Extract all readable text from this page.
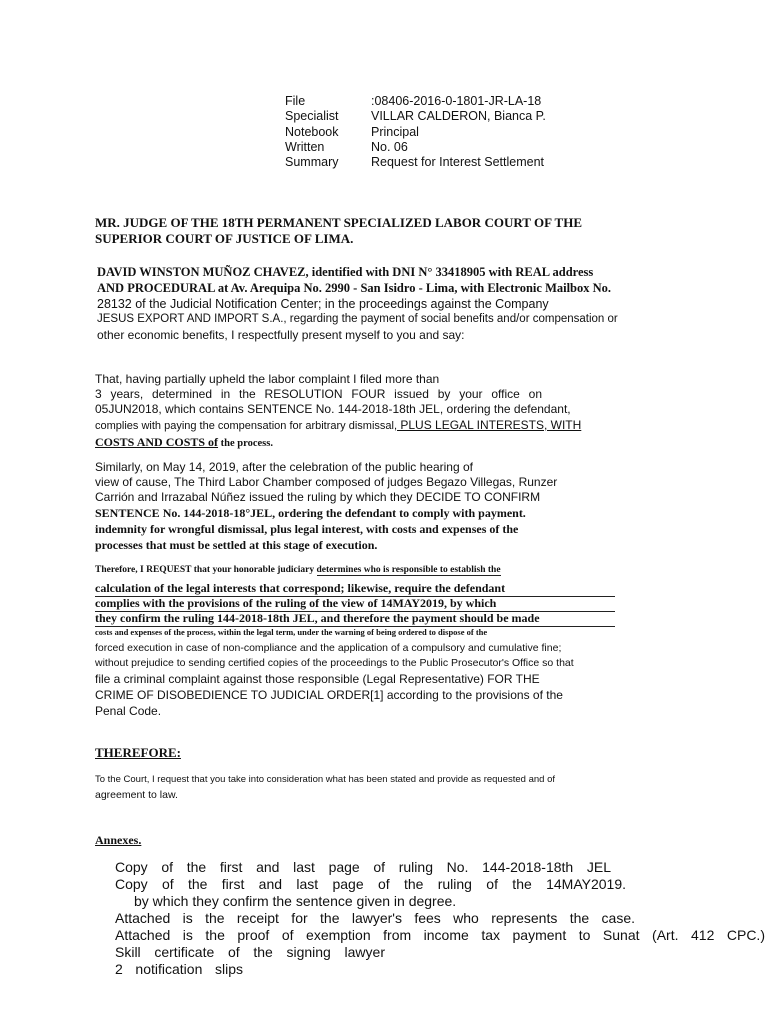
File	:08406-2016-0-1801-JR-LA-18
Specialist	VILLAR CALDERON, Bianca P.
Notebook	Principal
Written	No. 06
Summary	Request for Interest Settlement
MR. JUDGE OF THE 18TH PERMANENT SPECIALIZED LABOR COURT OF THE
SUPERIOR COURT OF JUSTICE OF LIMA.
DAVID WINSTON MUÑOZ CHAVEZ, identified with DNI N° 33418905 with REAL address
AND PROCEDURAL at Av. Arequipa No. 2990 - San Isidro - Lima, with Electronic Mailbox No.
28132 of the Judicial Notification Center; in the proceedings against the Company
JESUS EXPORT AND IMPORT S.A., regarding the payment of social benefits and/or compensation or
other economic benefits, I respectfully present myself to you and say:
That, having partially upheld the labor complaint I filed more than
3 years, determined in the RESOLUTION FOUR issued by your office on
05JUN2018, which contains SENTENCE No. 144-2018-18th JEL, ordering the defendant,
complies with paying the compensation for arbitrary dismissal, PLUS LEGAL INTERESTS, WITH
COSTS AND COSTS of the process.
Similarly, on May 14, 2019, after the celebration of the public hearing of
view of cause, The Third Labor Chamber composed of judges Begazo Villegas, Runzer
Carrión and Irrazabal Núñez issued the ruling by which they DECIDE TO CONFIRM
SENTENCE No. 144-2018-18°JEL, ordering the defendant to comply with payment.
indemnity for wrongful dismissal, plus legal interest, with costs and expenses of the
processes that must be settled at this stage of execution.
Therefore, I REQUEST that your honorable judiciary determines who is responsible to establish the
calculation of the legal interests that correspond; likewise, require the defendant
complies with the provisions of the ruling of the view of 14MAY2019, by which
they confirm the ruling 144-2018-18th JEL, and therefore the payment should be made
costs and expenses of the process, within the legal term, under the warning of being ordered to dispose of the
forced execution in case of non-compliance and the application of a compulsory and cumulative fine;
without prejudice to sending certified copies of the proceedings to the Public Prosecutor's Office so that
file a criminal complaint against those responsible (Legal Representative) FOR THE
CRIME OF DISOBEDIENCE TO JUDICIAL ORDER[1] according to the provisions of the
Penal Code.
THEREFORE:
To the Court, I request that you take into consideration what has been stated and provide as requested and of
agreement to law.
Annexes.
Copy of the first and last page of ruling No. 144-2018-18th JEL
Copy of the first and last page of the ruling of the 14MAY2019.
by which they confirm the sentence given in degree.
Attached is the receipt for the lawyer's fees who represents the case.
Attached is the proof of exemption from income tax payment to Sunat (Art. 412 CPC.)
Skill certificate of the signing lawyer
2 notification slips
